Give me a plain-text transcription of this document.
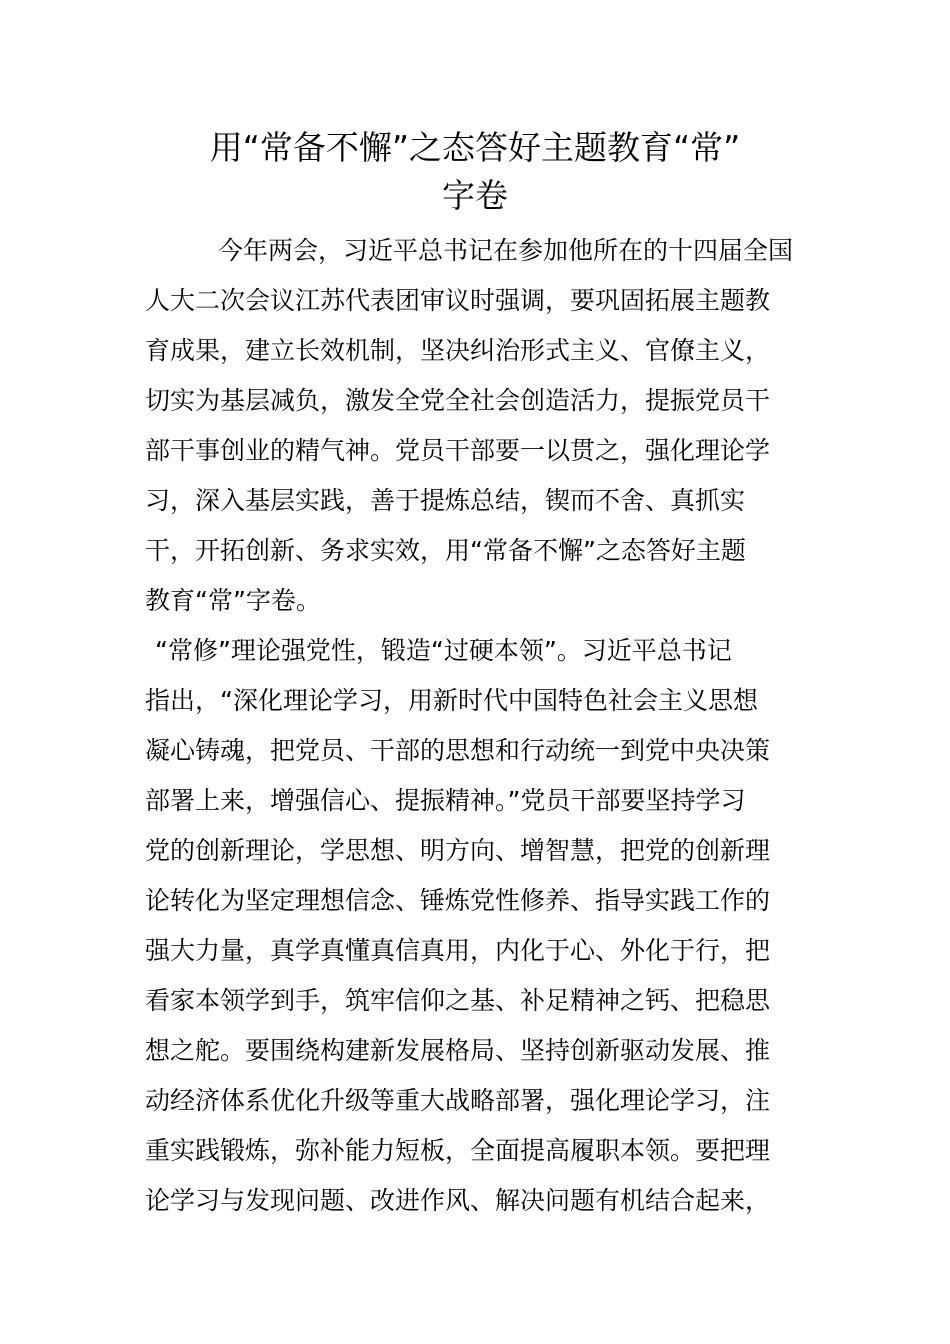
用“常备不懈”之态答好主题教育“常”
字卷
今年两会，习近平总书记在参加他所在的十四届全国
人大二次会议江苏代表团审议时强调，要巩固拓展主题教
育成果，建立长效机制，坚决纠治形式主义、官僚主义，
切实为基层减负，激发全党全社会创造活力，提振党员干
部干事创业的精气神。党员干部要一以贯之，强化理论学
习，深入基层实践，善于提炼总结，锲而不舍、真抓实
干，开拓创新、务求实效，用“常备不懈”之态答好主题
教育“常”字卷。
“常修”理论强党性，锻造“过硬本领”。习近平总书记
指出，“深化理论学习，用新时代中国特色社会主义思想
凝心铸魂，把党员、干部的思想和行动统一到党中央决策
部署上来，增强信心、提振精神。”党员干部要坚持学习
党的创新理论，学思想、明方向、增智慧，把党的创新理
论转化为坚定理想信念、锤炼党性修养、指导实践工作的
强大力量，真学真懂真信真用，内化于心、外化于行，把
看家本领学到手，筑牢信仰之基、补足精神之钙、把稳思
想之舵。要围绕构建新发展格局、坚持创新驱动发展、推
动经济体系优化升级等重大战略部署，强化理论学习，注
重实践锻炼，弥补能力短板，全面提高履职本领。要把理
论学习与发现问题、改进作风、解决问题有机结合起来，
